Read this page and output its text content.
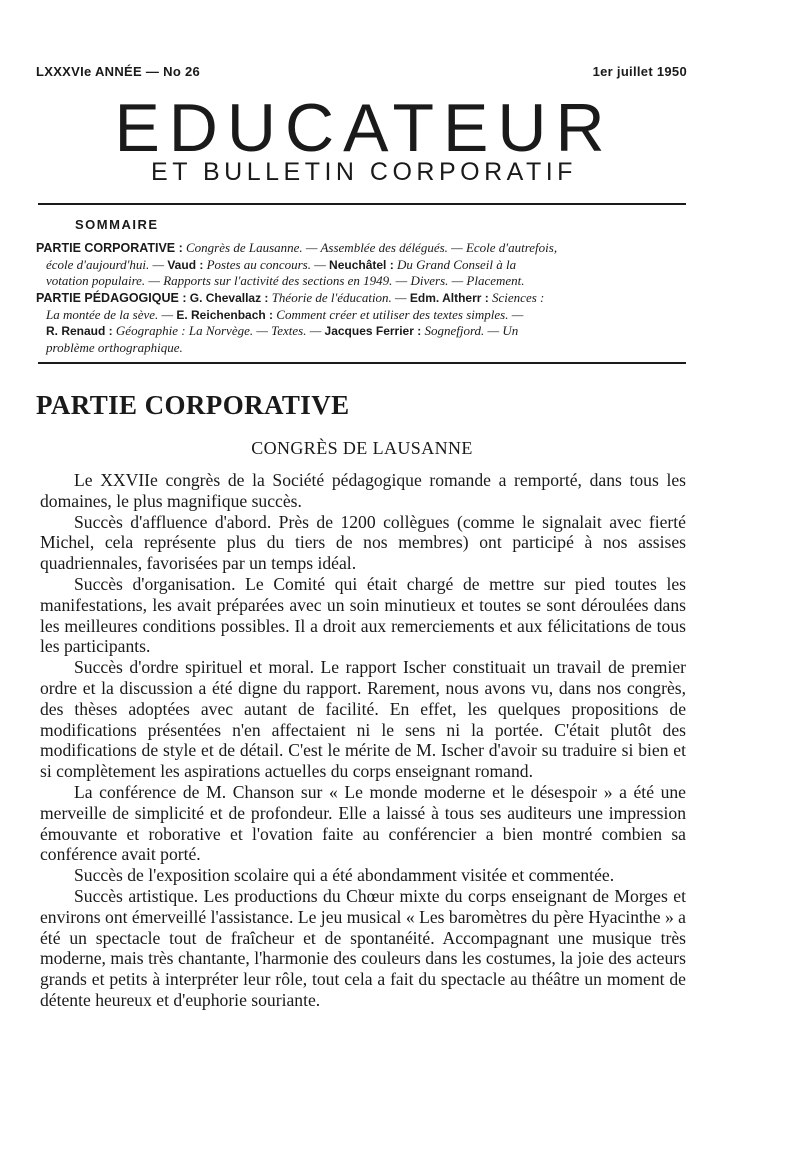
LXXXVIe ANNÉE — No 26	1er juillet 1950
EDUCATEUR
ET BULLETIN CORPORATIF
SOMMAIRE
PARTIE CORPORATIVE : Congrès de Lausanne. — Assemblée des délégués. — Ecole d'autrefois,
école d'aujourd'hui. — Vaud : Postes au concours. — Neuchâtel : Du Grand Conseil à la
votation populaire. — Rapports sur l'activité des sections en 1949. — Divers. — Placement.
PARTIE PÉDAGOGIQUE : G. Chevallaz : Théorie de l'éducation. — Edm. Altherr : Sciences :
La montée de la sève. — E. Reichenbach : Comment créer et utiliser des textes simples. —
R. Renaud : Géographie : La Norvège. — Textes. — Jacques Ferrier : Sognefjord. — Un
problème orthographique.
PARTIE CORPORATIVE
CONGRÈS DE LAUSANNE

Le XXVIIe congrès de la Société pédagogique romande a remporté, dans tous les domaines, le plus magnifique succès.

Succès d'affluence d'abord. Près de 1200 collègues (comme le signalait avec fierté Michel, cela représente plus du tiers de nos membres) ont participé à nos assises quadriennales, favorisées par un temps idéal.

Succès d'organisation. Le Comité qui était chargé de mettre sur pied toutes les manifestations, les avait préparées avec un soin minutieux et toutes se sont déroulées dans les meilleures conditions possibles. Il a droit aux remerciements et aux félicitations de tous les participants.

Succès d'ordre spirituel et moral. Le rapport Ischer constituait un travail de premier ordre et la discussion a été digne du rapport. Rarement, nous avons vu, dans nos congrès, des thèses adoptées avec autant de facilité. En effet, les quelques propositions de modifications présentées n'en affectaient ni le sens ni la portée. C'était plutôt des modifications de style et de détail. C'est le mérite de M. Ischer d'avoir su traduire si bien et si complètement les aspirations actuelles du corps enseignant romand.

La conférence de M. Chanson sur « Le monde moderne et le désespoir » a été une merveille de simplicité et de profondeur. Elle a laissé à tous ses auditeurs une impression émouvante et roborative et l'ovation faite au conférencier a bien montré combien sa conférence avait porté.

Succès de l'exposition scolaire qui a été abondamment visitée et commentée.

Succès artistique. Les productions du Chœur mixte du corps enseignant de Morges et environs ont émerveillé l'assistance. Le jeu musical « Les baromètres du père Hyacinthe » a été un spectacle tout de fraîcheur et de spontanéité. Accompagnant une musique très moderne, mais très chantante, l'harmonie des couleurs dans les costumes, la joie des acteurs grands et petits à interpréter leur rôle, tout cela a fait du spectacle au théâtre un moment de détente heureux et d'euphorie souriante.
